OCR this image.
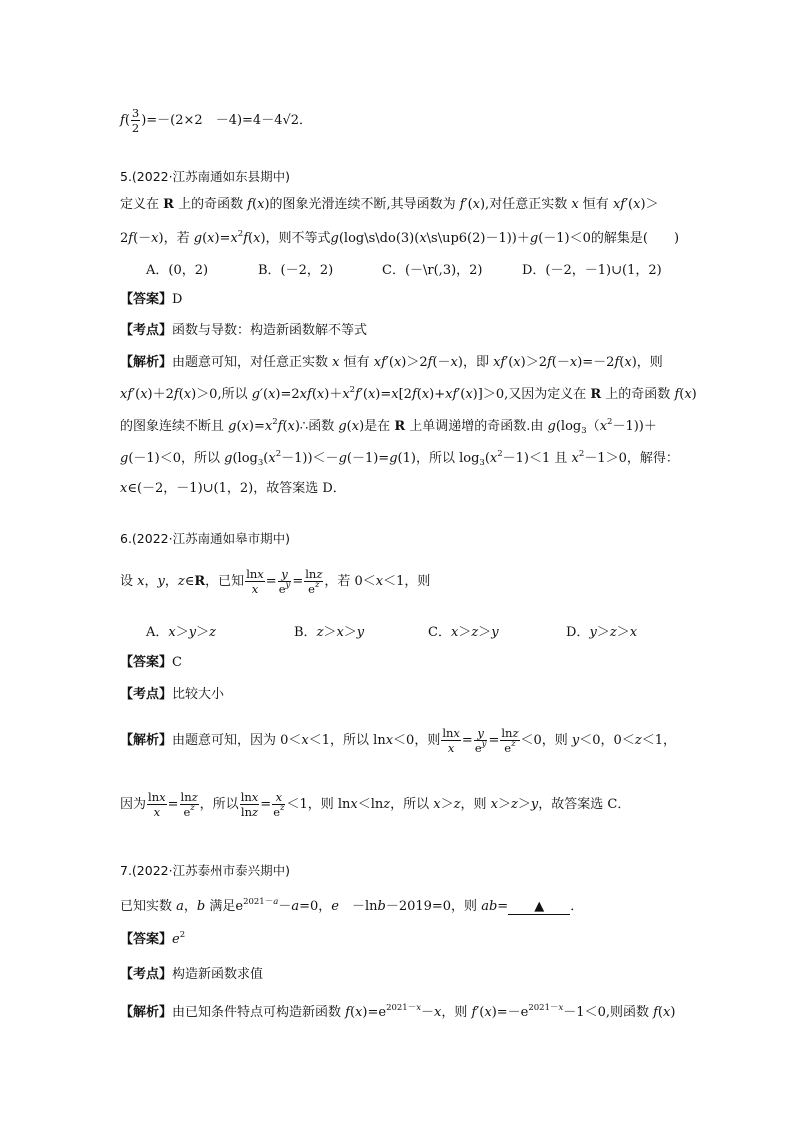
$f( \frac{3}{2} )=-(2\times 2$　－4)=4－4√2．
5.(2022·江苏南通如东县期中)
定义在 R 上的奇函数 f(x)的图象光滑连续不断,其导函数为 f′(x),对任意正实数 x 恒有 xf′(x)＞
2f(－x)，若 $g(x)=x^2f(x)$，则不等式g(log\s\do(3)(x\s\up6(2)－1))＋g(－1)＜0的解集是(　　)
A．(0，2)	B．(－2，2)	C．(－\r(,3)，2)	D．(－2，－1)∪(1，2)
【答案】D
【考点】函数与导数：构造新函数解不等式
【解析】由题意可知，对任意正实数 x 恒有 xf′(x)＞2f(－x)，即 xf′(x)＞2f(－x)=－2f(x)，则
xf′(x)＋2f(x)＞0,所以 $g'(x)=2xf(x)+x^2f'(x)=x[2f(x)+xf'(x)]>0$,又因为定义在 R 上的奇函数 f(x)
的图象连续不断且 $g(x)=x^2f(x)\therefore$函数 g(x)是在 R 上单调递增的奇函数.由 $g(\log_3(x^2-1))+$
g(－1)＜0，所以 $g(\log_3(x^2-1))<-g(-1)=g(1)$，所以 $\log_3(x^2-1)<1$ 且 $x^2-1>0$，解得：
x∈(－2，－1)∪(1，2)，故答案选 D．
6.(2022·江苏南通如皋市期中)
设 x，y，z∈R，已知 $\frac{\ln x}{x} = \frac{y}{e^y} = \frac{\ln z}{e^z}$ ，若 0＜x＜1，则
A．x＞y＞z	B．z＞x＞y	C．x＞z＞y	D．y＞z＞x
【答案】C
【考点】比较大小
【解析】由题意可知，因为 0＜x＜1，所以 lnx＜0，则 $\frac{\ln x}{x} = \frac{y}{e^y} = \frac{\ln z}{e^z} <0$，则 y＜0，0＜z＜1，
因为 $\frac{\ln x}{x} = \frac{\ln z}{e^z}$ ，所以 $\frac{\ln x}{\ln z} = \frac{x}{e^z} <1$，则 lnx＜lnz，所以 x＞z，则 x＞z＞y，故答案选 C．
7.(2022·江苏泰州市泰兴期中)
已知实数 a，b 满足$e^{2021-a}-a=0$，e　－lnb－2019=0，则 ab= ▲ ．
【答案】$e^2$
【考点】构造新函数求值
【解析】由已知条件特点可构造新函数 $f(x)=e^{2021-x}-x$，则 $f'(x)=-e^{2021-x}-1<0$,则函数 f(x)
